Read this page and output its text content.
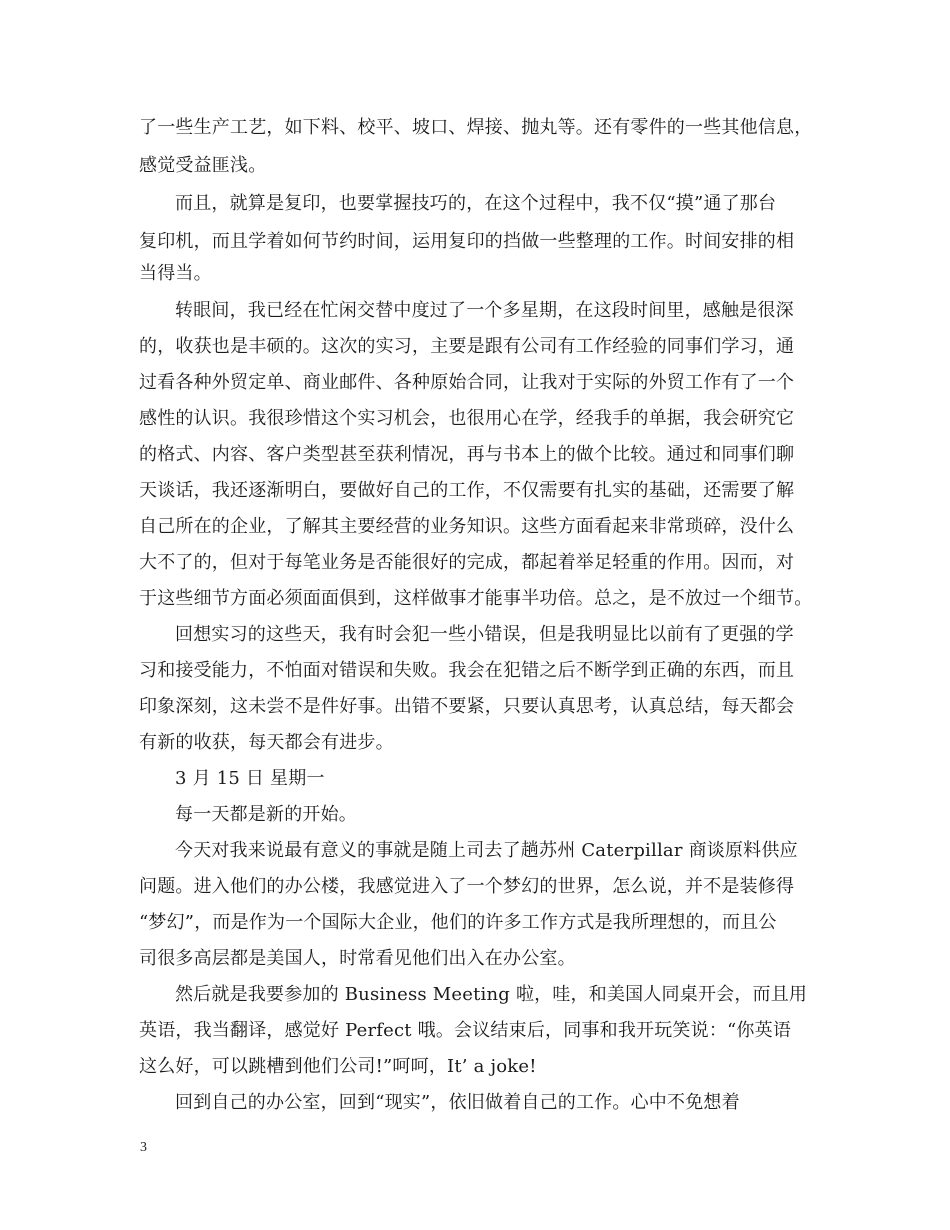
了一些生产工艺，如下料、校平、坡口、焊接、抛丸等。还有零件的一些其他信息，
感觉受益匪浅。
而且，就算是复印，也要掌握技巧的，在这个过程中，我不仅“摸”通了那台
复印机，而且学着如何节约时间，运用复印的挡做一些整理的工作。时间安排的相
当得当。
转眼间，我已经在忙闲交替中度过了一个多星期，在这段时间里，感触是很深
的，收获也是丰硕的。这次的实习，主要是跟有公司有工作经验的同事们学习，通
过看各种外贸定单、商业邮件、各种原始合同，让我对于实际的外贸工作有了一个
感性的认识。我很珍惜这个实习机会，也很用心在学，经我手的单据，我会研究它
的格式、内容、客户类型甚至获利情况，再与书本上的做个比较。通过和同事们聊
天谈话，我还逐渐明白，要做好自己的工作，不仅需要有扎实的基础，还需要了解
自己所在的企业，了解其主要经营的业务知识。这些方面看起来非常琐碎，没什么
大不了的，但对于每笔业务是否能很好的完成，都起着举足轻重的作用。因而，对
于这些细节方面必须面面俱到，这样做事才能事半功倍。总之，是不放过一个细节。
回想实习的这些天，我有时会犯一些小错误，但是我明显比以前有了更强的学
习和接受能力，不怕面对错误和失败。我会在犯错之后不断学到正确的东西，而且
印象深刻，这未尝不是件好事。出错不要紧，只要认真思考，认真总结，每天都会
有新的收获，每天都会有进步。
3 月 15 日 星期一
每一天都是新的开始。
今天对我来说最有意义的事就是随上司去了趟苏州 Caterpillar 商谈原料供应
问题。进入他们的办公楼，我感觉进入了一个梦幻的世界，怎么说，并不是装修得
“梦幻”，而是作为一个国际大企业，他们的许多工作方式是我所理想的，而且公
司很多高层都是美国人，时常看见他们出入在办公室。
然后就是我要参加的 Business Meeting 啦，哇，和美国人同桌开会，而且用
英语，我当翻译，感觉好 Perfect 哦。会议结束后，同事和我开玩笑说：“你英语
这么好，可以跳槽到他们公司!”呵呵，It’ a joke!
回到自己的办公室，回到“现实”，依旧做着自己的工作。心中不免想着
3
